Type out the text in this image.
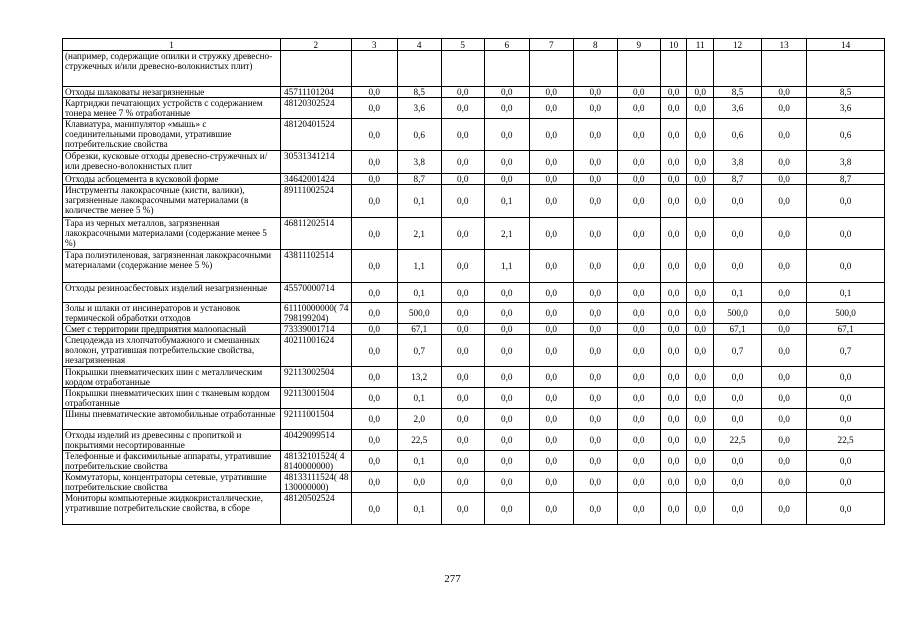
1	2	3	4	5	6	7	8	9	10	11	12	13	14
(например, содержащие опилки и стружку древесно-стружечных и/или древесно-волокнистых плит)													
Отходы шлаковаты незагрязненные	45711101204	0,0	8,5	0,0	0,0	0,0	0,0	0,0	0,0	0,0	8,5	0,0	8,5
Картриджи печатающих устройств с содержанием тонера менее 7 % отработанные	48120302524	0,0	3,6	0,0	0,0	0,0	0,0	0,0	0,0	0,0	3,6	0,0	3,6
Клавиатура, манипулятор «мышь» с соединительными проводами, утратившие потребительские свойства	48120401524	0,0	0,6	0,0	0,0	0,0	0,0	0,0	0,0	0,0	0,6	0,0	0,6
Обрезки, кусковые отходы древесно-стружечных и/или древесно-волокнистых плит	30531341214	0,0	3,8	0,0	0,0	0,0	0,0	0,0	0,0	0,0	3,8	0,0	3,8
Отходы асбоцемента в кусковой форме	34642001424	0,0	8,7	0,0	0,0	0,0	0,0	0,0	0,0	0,0	8,7	0,0	8,7
Инструменты лакокрасочные (кисти, валики), загрязненные лакокрасочными материалами (в количестве менее 5 %)	89111002524	0,0	0,1	0,0	0,1	0,0	0,0	0,0	0,0	0,0	0,0	0,0	0,0
Тара из черных металлов, загрязненная лакокрасочными материалами (содержание менее 5 %)	46811202514	0,0	2,1	0,0	2,1	0,0	0,0	0,0	0,0	0,0	0,0	0,0	0,0
Тара полиэтиленовая, загрязненная лакокрасочными материалами (содержание менее 5 %)	43811102514	0,0	1,1	0,0	1,1	0,0	0,0	0,0	0,0	0,0	0,0	0,0	0,0
Отходы резиноасбестовых изделий незагрязненные	45570000714	0,0	0,1	0,0	0,0	0,0	0,0	0,0	0,0	0,0	0,1	0,0	0,1
Золы и шлаки от инсинераторов и установок термической обработки отходов	61110000000( 74798199204)	0,0	500,0	0,0	0,0	0,0	0,0	0,0	0,0	0,0	500,0	0,0	500,0
Смет с территории предприятия малоопасный	73339001714	0,0	67,1	0,0	0,0	0,0	0,0	0,0	0,0	0,0	67,1	0,0	67,1
Спецодежда из хлопчатобумажного и смешанных волокон, утратившая потребительские свойства, незагрязненная	40211001624	0,0	0,7	0,0	0,0	0,0	0,0	0,0	0,0	0,0	0,7	0,0	0,7
Покрышки пневматических шин с металлическим кордом отработанные	92113002504	0,0	13,2	0,0	0,0	0,0	0,0	0,0	0,0	0,0	0,0	0,0	0,0
Покрышки пневматических шин с тканевым кордом отработанные	92113001504	0,0	0,1	0,0	0,0	0,0	0,0	0,0	0,0	0,0	0,0	0,0	0,0
Шины пневматические автомобильные отработанные	92111001504	0,0	2,0	0,0	0,0	0,0	0,0	0,0	0,0	0,0	0,0	0,0	0,0
Отходы изделий из древесины с пропиткой и покрытиями несортированные	40429099514	0,0	22,5	0,0	0,0	0,0	0,0	0,0	0,0	0,0	22,5	0,0	22,5
Телефонные и факсимильные аппараты, утратившие потребительские свойства	48132101524( 48140000000)	0,0	0,1	0,0	0,0	0,0	0,0	0,0	0,0	0,0	0,0	0,0	0,0
Коммутаторы, концентраторы сетевые, утратившие потребительские свойства	48133111524( 48130000000)	0,0	0,0	0,0	0,0	0,0	0,0	0,0	0,0	0,0	0,0	0,0	0,0
Мониторы компьютерные жидкокристаллические, утратившие потребительские свойства, в сборе	48120502524	0,0	0,1	0,0	0,0	0,0	0,0	0,0	0,0	0,0	0,0	0,0	0,0
277
